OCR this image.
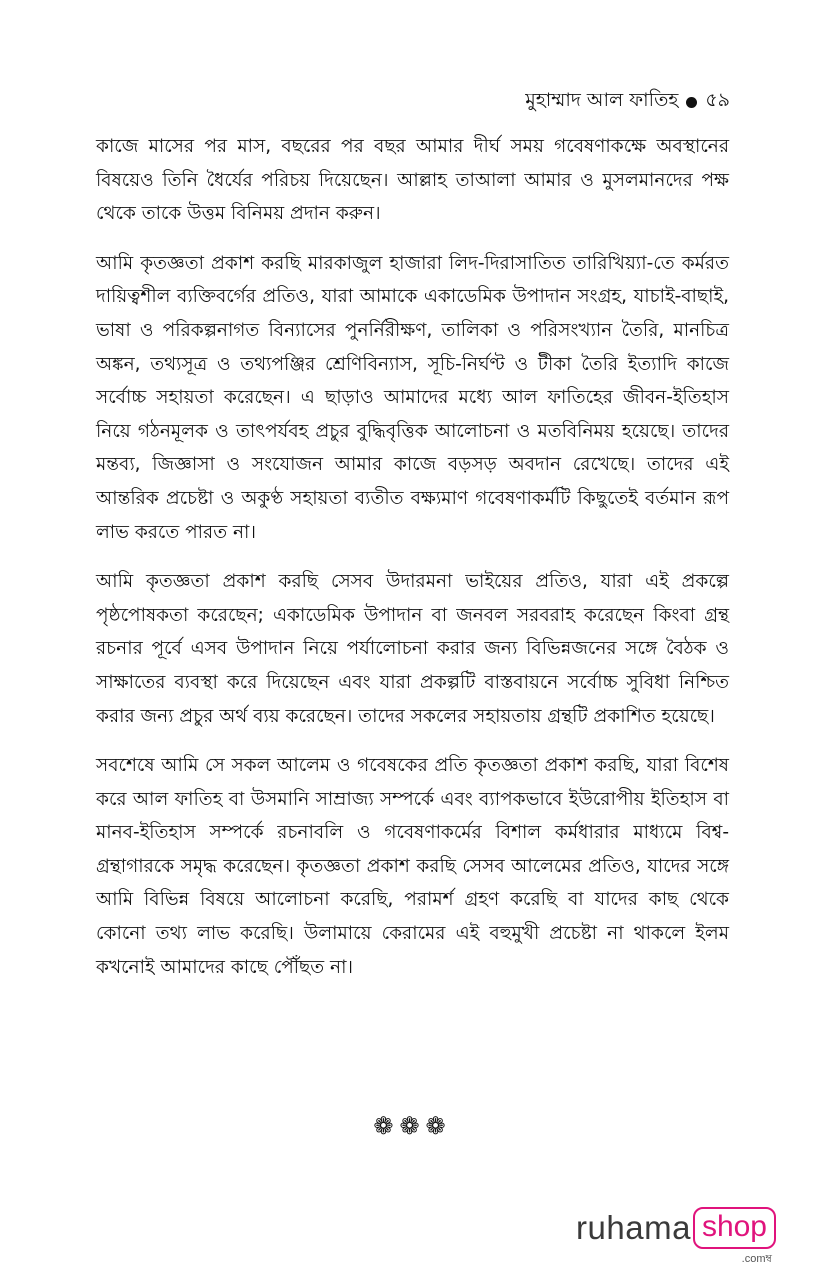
মুহাম্মাদ আল ফাতিহ ৫৯

কাজে মাসের পর মাস, বছরের পর বছর আমার দীর্ঘ সময় গবেষণাকক্ষে অবস্থানের বিষয়েও তিনি ধৈর্যের পরিচয় দিয়েছেন। আল্লাহ তাআলা আমার ও মুসলমানদের পক্ষ থেকে তাকে উত্তম বিনিময় প্রদান করুন।

আমি কৃতজ্ঞতা প্রকাশ করছি মারকাজুল হাজারা লিদ-দিরাসাতিত তারিখিয়্যা-তে কর্মরত দায়িত্বশীল ব্যক্তিবর্গের প্রতিও, যারা আমাকে একাডেমিক উপাদান সংগ্রহ, যাচাই-বাছাই, ভাষা ও পরিকল্পনাগত বিন্যাসের পুনর্নিরীক্ষণ, তালিকা ও পরিসংখ্যান তৈরি, মানচিত্র অঙ্কন, তথ্যসূত্র ও তথ্যপঞ্জির শ্রেণিবিন্যাস, সূচি-নির্ঘণ্ট ও টীকা তৈরি ইত্যাদি কাজে সর্বোচ্চ সহায়তা করেছেন। এ ছাড়াও আমাদের মধ্যে আল ফাতিহের জীবন-ইতিহাস নিয়ে গঠনমূলক ও তাৎপর্যবহ প্রচুর বুদ্ধিবৃত্তিক আলোচনা ও মতবিনিময় হয়েছে। তাদের মন্তব্য, জিজ্ঞাসা ও সংযোজন আমার কাজে বড়সড় অবদান রেখেছে। তাদের এই আন্তরিক প্রচেষ্টা ও অকুণ্ঠ সহায়তা ব্যতীত বক্ষ্যমাণ গবেষণাকর্মটি কিছুতেই বর্তমান রূপ লাভ করতে পারত না।

আমি কৃতজ্ঞতা প্রকাশ করছি সেসব উদারমনা ভাইয়ের প্রতিও, যারা এই প্রকল্পে পৃষ্ঠপোষকতা করেছেন; একাডেমিক উপাদান বা জনবল সরবরাহ করেছেন কিংবা গ্রন্থ রচনার পূর্বে এসব উপাদান নিয়ে পর্যালোচনা করার জন্য বিভিন্নজনের সঙ্গে বৈঠক ও সাক্ষাতের ব্যবস্থা করে দিয়েছেন এবং যারা প্রকল্পটি বাস্তবায়নে সর্বোচ্চ সুবিধা নিশ্চিত করার জন্য প্রচুর অর্থ ব্যয় করেছেন। তাদের সকলের সহায়তায় গ্রন্থটি প্রকাশিত হয়েছে।

সবশেষে আমি সে সকল আলেম ও গবেষকের প্রতি কৃতজ্ঞতা প্রকাশ করছি, যারা বিশেষ করে আল ফাতিহ বা উসমানি সাম্রাজ্য সম্পর্কে এবং ব্যাপকভাবে ইউরোপীয় ইতিহাস বা মানব-ইতিহাস সম্পর্কে রচনাবলি ও গবেষণাকর্মের বিশাল কর্মধারার মাধ্যমে বিশ্ব-গ্রন্থাগারকে সমৃদ্ধ করেছেন। কৃতজ্ঞতা প্রকাশ করছি সেসব আলেমের প্রতিও, যাদের সঙ্গে আমি বিভিন্ন বিষয়ে আলোচনা করেছি, পরামর্শ গ্রহণ করেছি বা যাদের কাছ থেকে কোনো তথ্য লাভ করেছি। উলামায়ে কেরামের এই বহুমুখী প্রচেষ্টা না থাকলে ইলম কখনোই আমাদের কাছে পৌঁছত না।

❁❁❁
ruhama shop
.comম্ব
